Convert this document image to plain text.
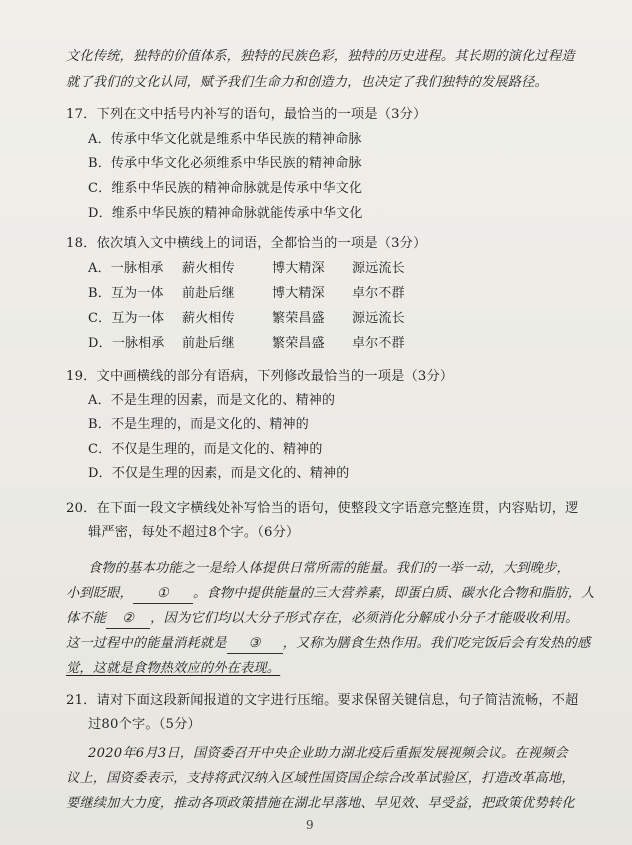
文化传统，独特的价值体系，独特的民族色彩，独特的历史进程。其长期的演化过程造
就了我们的文化认同，赋予我们生命力和创造力，也决定了我们独特的发展路径。
17．下列在文中括号内补写的语句，最恰当的一项是（3分）
A．传承中华文化就是维系中华民族的精神命脉
B．传承中华文化必须维系中华民族的精神命脉
C．维系中华民族的精神命脉就是传承中华文化
D．维系中华民族的精神命脉就能传承中华文化
18．依次填入文中横线上的词语，全都恰当的一项是（3分）
A．一脉相承 薪火相传	博大精深 源远流长
B．互为一体 前赴后继	博大精深 卓尔不群
C．互为一体 薪火相传	繁荣昌盛 源远流长
D．一脉相承 前赴后继	繁荣昌盛 卓尔不群
19．文中画横线的部分有语病，下列修改最恰当的一项是（3分）
A．不是生理的因素，而是文化的、精神的
B．不是生理的，而是文化的、精神的
C．不仅是生理的，而是文化的、精神的
D．不仅是生理的因素，而是文化的、精神的
20．在下面一段文字横线处补写恰当的语句，使整段文字语意完整连贯，内容贴切，逻
辑严密，每处不超过8个字。（6分）
食物的基本功能之一是给人体提供日常所需的能量。我们的一举一动，大到晚步，
小到眨眼， ① 。食物中提供能量的三大营养素，即蛋白质、碳水化合物和脂肪，人
体不能 ② ，因为它们均以大分子形式存在，必须消化分解成小分子才能吸收利用。
这一过程中的能量消耗就是 ③ ，又称为膳食生热作用。我们吃完饭后会有发热的感
觉，这就是食物热效应的外在表现。
21．请对下面这段新闻报道的文字进行压缩。要求保留关键信息，句子简洁流畅，不超
过80个字。（5分）
2020年6月3日，国资委召开中央企业助力湖北疫后重振发展视频会议。在视频会
议上，国资委表示，支持将武汉纳入区域性国资国企综合改革试验区，打造改革高地，
要继续加大力度，推动各项政策措施在湖北早落地、早见效、早受益，把政策优势转化
9
